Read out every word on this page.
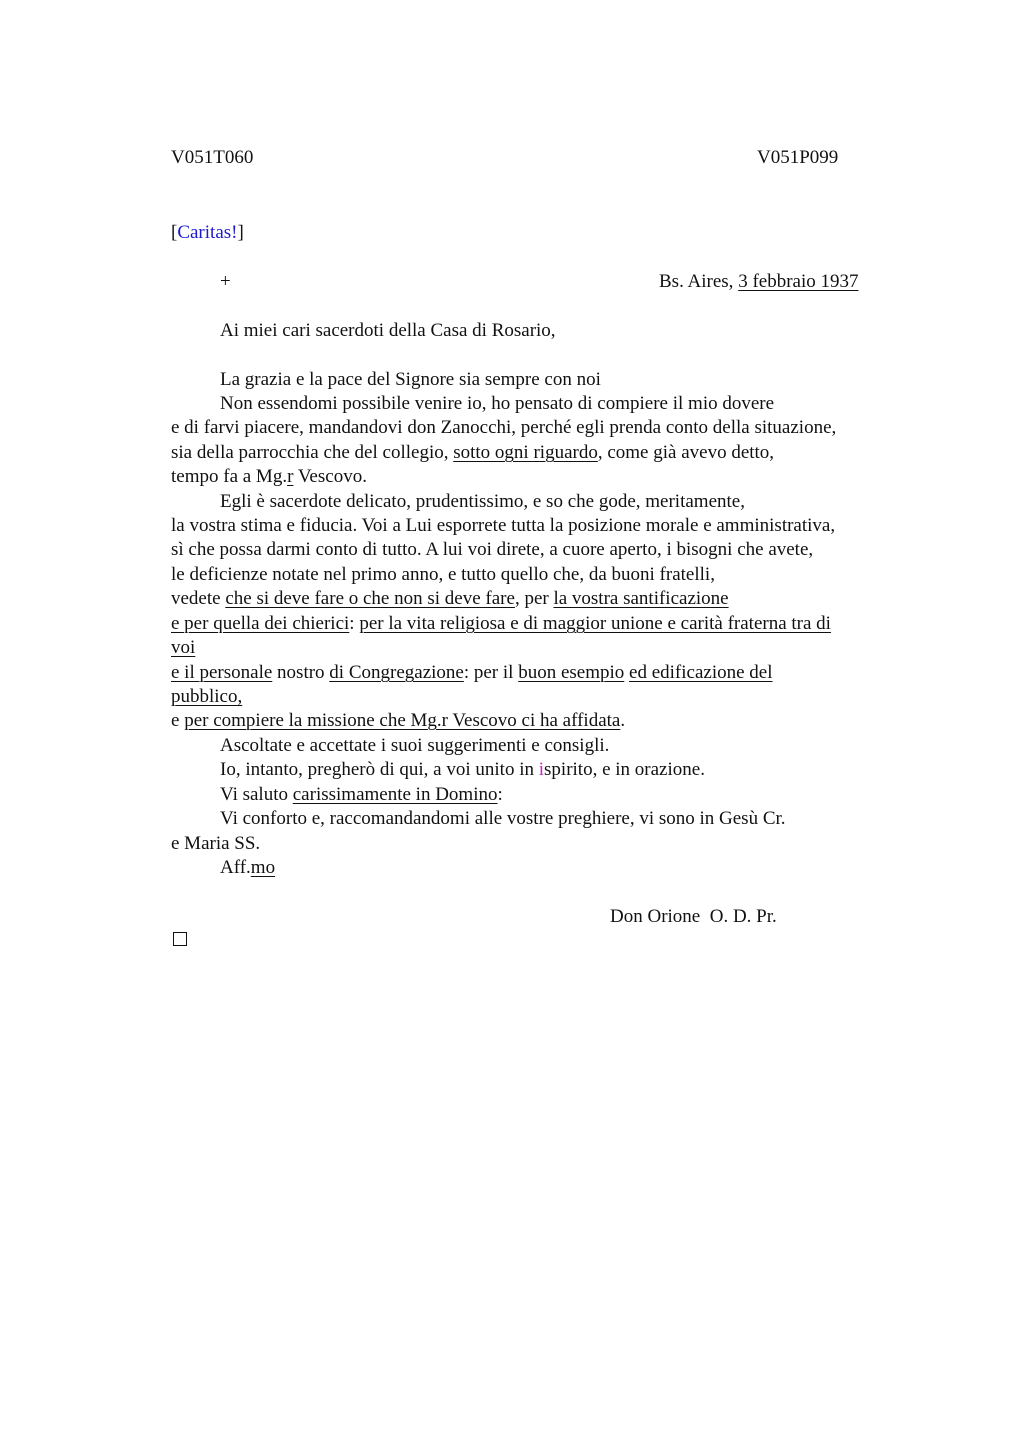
V051T060	V051P099
[Caritas!]
+	Bs. Aires, 3 febbraio 1937
Ai miei cari sacerdoti della Casa di Rosario,
La grazia e la pace del Signore sia sempre con noi
Non essendomi possibile venire io, ho pensato di compiere il mio dovere
e di farvi piacere, mandandovi don Zanocchi, perché egli prenda conto della situazione,
sia della parrocchia che del collegio, sotto ogni riguardo, come già avevo detto,
tempo fa a Mg.r Vescovo.
Egli è sacerdote delicato, prudentissimo, e so che gode, meritamente,
la vostra stima e fiducia. Voi a Lui esporrete tutta la posizione morale e amministrativa,
sì che possa darmi conto di tutto. A lui voi direte, a cuore aperto, i bisogni che avete,
le deficienze notate nel primo anno, e tutto quello che, da buoni fratelli,
vedete che si deve fare o che non si deve fare, per la vostra santificazione
e per quella dei chierici: per la vita religiosa e di maggior unione e carità fraterna tra di
voi
e il personale nostro di Congregazione: per il buon esempio ed edificazione del
pubblico,
e per compiere la missione che Mg.r Vescovo ci ha affidata.
Ascoltate e accettate i suoi suggerimenti e consigli.
Io, intanto, pregherò di qui, a voi unito in ispirito, e in orazione.
Vi saluto carissimamente in Domino:
Vi conforto e, raccomandandomi alle vostre preghiere, vi sono in Gesù Cr.
e Maria SS.
Aff.mo
Don Orione  O. D. Pr.
